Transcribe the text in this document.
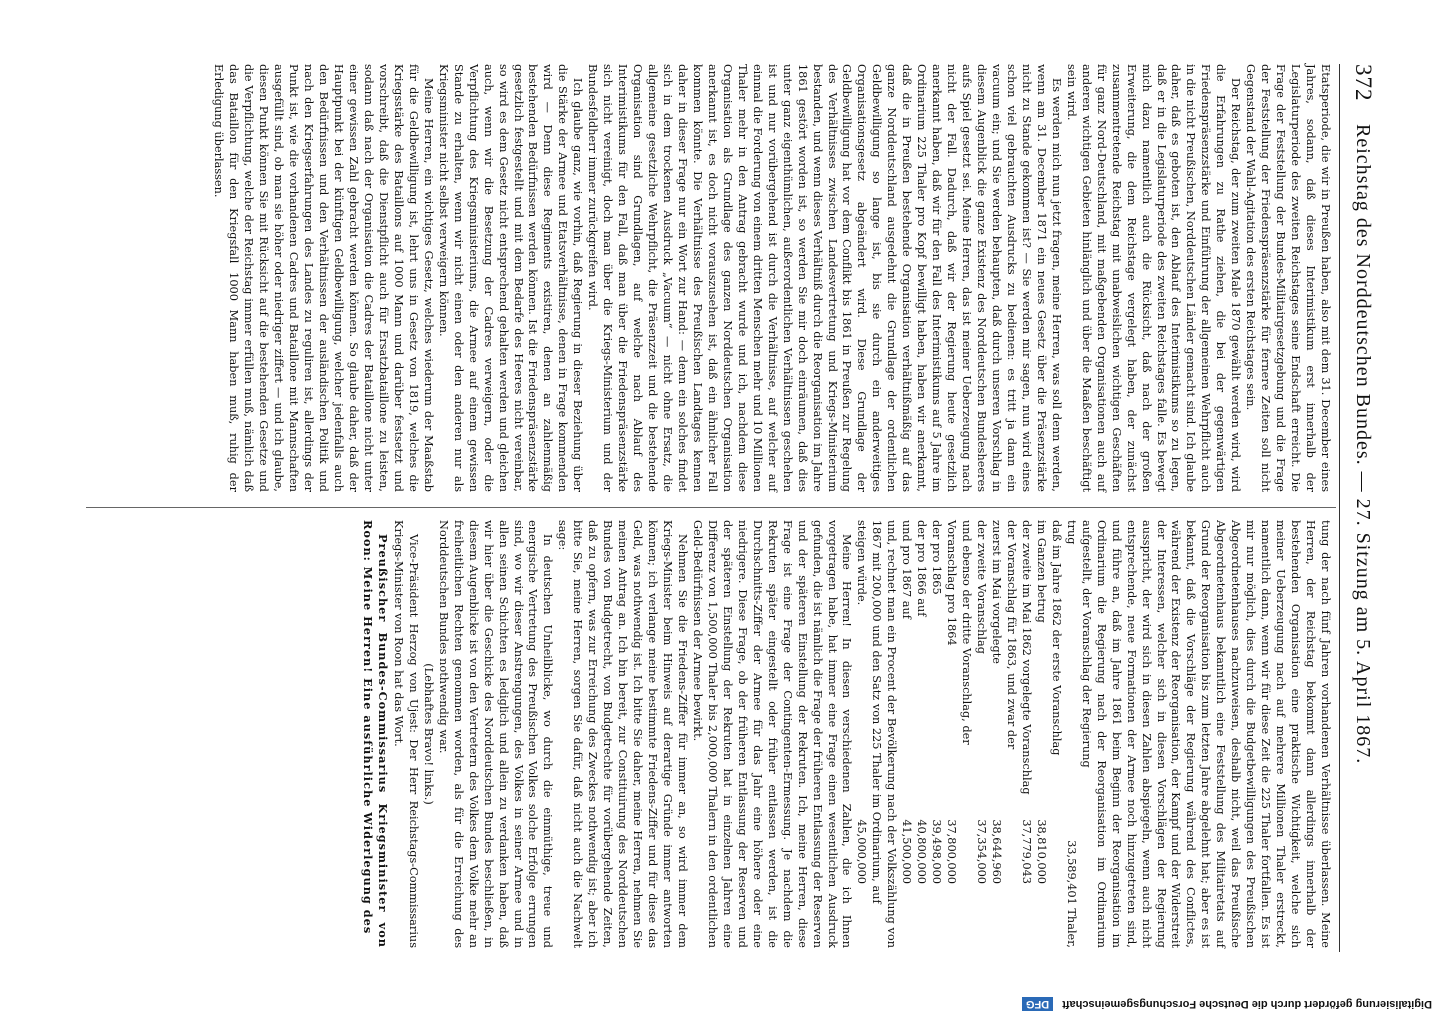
372
Reichstag des Norddeutschen Bundes. — 27. Sitzung am 5. April 1867.

Etatsperiode, die wir in Preußen haben, also mit dem 31. December eines Jahres, sodann, daß dieses Interimistikum erst innerhalb der Legislaturperiode des zweiten Reichstages seine Endschaft erreicht. Die Frage der Feststellung der Bundes-Militairgesetzgebung und die Frage der Feststellung der Friedenspräsenzstärke für fernere Zeiten soll nicht Gegenstand der Wahl-Agitation des ersten Reichstages sein.

Der Reichstag, der zum zweiten Male 1870 gewählt werden wird, wird die Erfahrungen zu Rathe ziehen, die bei der gegenwärtigen Friedenspräsenzstärke und Einführung der allgemeinen Wehrpflicht auch in die nicht Preußischen, Norddeutschen Länder gemacht sind. Ich glaube daher, daß es geboten ist, den Ablauf des Interimistikums so zu legen, daß er in die Legislaturperiode des zweiten Reichstages falle. Es bewegt mich dazu namentlich auch die Rücksicht, daß nach der großen Erweiterung, die dem Reichstage vergelegt haben, der zunächst zusammentretende Reichstag mit unabweislichen wichtigen Geschäften für ganz Nord-Deutschland, mit maßgebenden Organisationen auch auf anderen wichtigen Gebieten hinlänglich und über die Maaßen beschäftigt sein wird.

Es werden mich nun jetzt fragen, meine Herren, was soll denn werden, wenn am 31. December 1871 ein neues Gesetz über die Präsenzstärke nicht zu Stande gekommen ist? — Sie werden mir sagen, nun wird eines schon viel gebrauchten Ausdrucks zu bedienen: es tritt ja dann ein vacuum ein; und Sie werden behaupten, daß durch unseren Vorschlag in diesem Augenblick die ganze Existenz des Norddeutschen Bundesheeres aufs Spiel gesetzt sei. Meine Herren, das ist meiner Ueberzeugung nach nicht der Fall. Dadurch, daß wir der Regierung heute gesetzlich anerkannt haben, daß wir für den Fall des Interimistikums auf 5 Jahre im Ordinarium 225 Thaler pro Kopf bewilligt haben, haben wir anerkannt, daß die in Preußen bestehende Organisation verhältnißmäßig auf das ganze Norddeutschland ausgedehnt die Grundlage der ordentlichen Geldbewilligung so lange ist, bis sie durch ein anderweitiges Organisationsgesetz abgeändert wird. Diese Grundlage der Geldbewilligung hat vor dem Conflikt bis 1861 in Preußen zur Regelung des Verhältnisses zwischen Landesvertretung und Kriegs-Ministerium bestanden, und wenn dieses Verhältniß durch die Reorganisation im Jahre 1861 gestört worden ist, so werden Sie mir doch einräumen, daß dies unter ganz eigenthümlichen, außerordentlichen Verhältnissen geschehen ist und nur vorübergehend ist durch die Verhältnisse, auf welcher auf einmal die Forderung von einem dritten Menschen mehr und 10 Millionen Thaler mehr in den Antrag gebracht wurde und ich, nachdem diese Organisation als Grundlage des ganzen Norddeutschen Organisation anerkannt ist, es doch nicht vorauszusehen ist, daß ein ähnlicher Fall kommen könnte. Die Verhältnisse des Preußischen Landtages kennen daher in dieser Frage nur ein Wort zur Hand: — denn ein solches findet sich in dem trockenen Ausdruck „Vacuum“ — nicht ohne Ersatz, die allgemeine gesetzliche Wehrpflicht, die Präsenzzeit und die bestehende Organisation sind Grundlagen, auf welche nach Ablauf des Interimistikums für den Fall, daß man über die Friedenspräsenzstärke sich nicht vereinigt, doch man über die Kriegs-Ministerium und der Bundesfeldherr immer zurückgreifen wird.

Ich glaube ganz, wie vorhin, daß Regierung in dieser Beziehung über die Stärke der Armee und Etatsverhältnisse, denen in Frage kommenden wird — Denn diese Regiments existiren, denen an zahlenmäßig bestehenden Bedürfnissen werden können. Ist die Friedenspräsenzstärke gesetzlich festgestellt und mit dem Bedarfe des Heeres nicht vereinbar, so wird es dem Gesetz nicht entsprechend gehalten werden und gleichen auch, wenn wir die Besetzung der Cadres verweigern, oder die Verpflichtung des Kriegsministeriums, die Armee auf einem gewissen Stande zu erhalten, wenn wir nicht einen oder den anderen nur als Kriegsminister nicht selbst verweigern können.

Meine Herren, ein wichtiges Gesetz, welches wiederum der Maaßstab für die Geldbewilligung ist, lehrt uns in Gesetz von 1819, welches die Kriegsstärke des Bataillons auf 1000 Mann und darüber festsetzt und vorschreibt, daß die Dienstpflicht auch für Ersatzbataillone zu leisten, sodann daß nach der Organisation die Cadres der Bataillone nicht unter einer gewissen Zahl gebracht werden können. So glaube daher, daß der Hauptpunkt bei der künftigen Geldbewilligung, welcher jedenfalls auch den Bedürfnissen und den Verhältnissen der ausländischen Politik und nach den Kriegserfahrungen des Landes zu reguliren ist, allerdings der Punkt ist, wie die vorhandenen Cadres und Bataillone mit Mannschaften ausgefüllt sind, ob man sie höher oder niedriger ziffert — und ich glaube, diesen Punkt können Sie mit Rücksicht auf die bestehenden Gesetze und die Verpflichtung, welche der Reichstag immer erfüllen muß, nämlich daß das Bataillon für den Kriegsfall 1000 Mann haben muß, ruhig der Erledigung überlassen.

tung der nach fünf Jahren vorhandenen Verhältnisse überlassen. Meine Herren, der Reichstag bekommt dann allerdings innerhalb der bestehenden Organisation eine praktische Wichtigkeit, welche sich meiner Ueberzeugung nach auf mehrere Millionen Thaler erstreckt, namentlich dann, wenn wir für diese Zeit die 225 Thaler fortfallen. Es ist mir nur möglich, dies durch die Budgetbewilligungen des Preußischen Abgeordnetenhauses nachzuweisen, deshalb nicht, weil das Preußische Abgeordnetenhaus bekanntlich eine Feststellung des Militairetats auf Grund der Reorganisation bis zum letzten Jahre abgelehnt hat; aber es ist bekannt, daß die Vorschläge der Regierung während des Conflictes, während der Existenz der Reorganisation, der Kampf und der Widerstreit der Interessen, welcher sich in diesen Vorschlägen der Regierung ausspricht, der wird sich in diesen Zahlen abspiegeln, wenn auch nicht entsprechende, neue Formationen der Armee noch hinzugetreten sind, und führe an, daß im Jahre 1861 beim Beginn der Reorganisation im Ordinarium die Regierung nach der Reorganisation im Ordinarium aufgestellt, der Voranschlag der Regierung

trug
33,589,401 Thaler,
daß im Jahre 1862 der erste Voranschlag
im Ganzen betrug
38,810,000
der zweite im Mai 1862 vorgelegte Voranschlag
37,779,043
der Voranschlag für 1863, und zwar der
zuerst im Mai vorgelegte
38,644,960
der zweite Voranschlag
37,354,000
und ebenso der dritte Voranschlag, der
Voranschlag pro 1864
37,800,000
der pro 1865
39,498,000
der pro 1866 auf
40,800,000
und pro 1867 auf
41,500,000

und, rechnet man ein Procent der Bevölkerung nach der Volkszählung von 1867 mit 200,000 und den Satz von 225 Thaler im Ordinarium, auf

steigen würde.
45,000,000

Meine Herren! In diesen verschiedenen Zahlen, die ich Ihnen vorgetragen habe, hat immer eine Frage einen wesentlichen Ausdruck gefunden, die ist nämlich die Frage der früheren Entlassung der Reserven und der späteren Einstellung der Rekruten. Ich, meine Herren, diese Frage ist eine Frage der Contingenten-Ermessung. Je nachdem die Rekruten später eingestellt oder früher entlassen werden, ist die Durchschnitts-Ziffer der Armee für das Jahr eine höhere oder eine niedrigere. Diese Frage, ob der früheren Entlassung der Reserven und der späteren Einstellung der Rekruten hat in einzelnen Jahren eine Differenz von 1,500,000 Thaler bis 2,000,000 Thalern in den ordentlichen Geld-Bedürfnissen der Armee bewirkt.

Nehmen Sie die Friedens-Ziffer für immer an, so wird immer dem Kriegs-Minister beim Hinweis auf derartige Gründe immer antworten können; ich verlange meine bestimmte Friedens-Ziffer und für diese das Geld, was nothwendig ist. Ich bitte Sie daher, meine Herren, nehmen Sie meinen Antrag an. Ich bin bereit, zur Constituirung des Norddeutschen Bundes von Budgetrecht, von Budgetrechte für vorübergehende Zeiten, daß zu opfern, was zur Erreichung des Zweckes nothwendig ist; aber ich bitte Sie, meine Herren, sorgen Sie dafür, daß nicht auch die Nachwelt sage:

In deutschen Unheilblicke, wo durch die einmüthige, treue und energische Vertretung des Preußischen Volkes solche Erfolge errungen sind, wo wir dieser Anstrengungen, des Volkes in seiner Armee und in allen seinen Schichten es lediglich und allein zu verdanken haben, daß wir hier über die Geschicke des Norddeutschen Bundes beschließen, in diesem Augenblicke ist von den Vertretern des Volkes dem Volke mehr an freiheitlichen Rechten genommen worden, als für die Erreichung des Norddeutschen Bundes nothwendig war.

(Lebhaftes Bravo! links.)

Vice-Präsident Herzog von Ujest: Der Herr Reichstags-Commissarius Kriegs-Minister von Roon hat das Wort.

Preußischer Bundes-Commissarius Kriegsminister von Roon: Meine Herren! Eine ausführliche Widerlegung des

Digitalisierung gefördert durch die Deutsche Forschungsgemeinschaft DFG
